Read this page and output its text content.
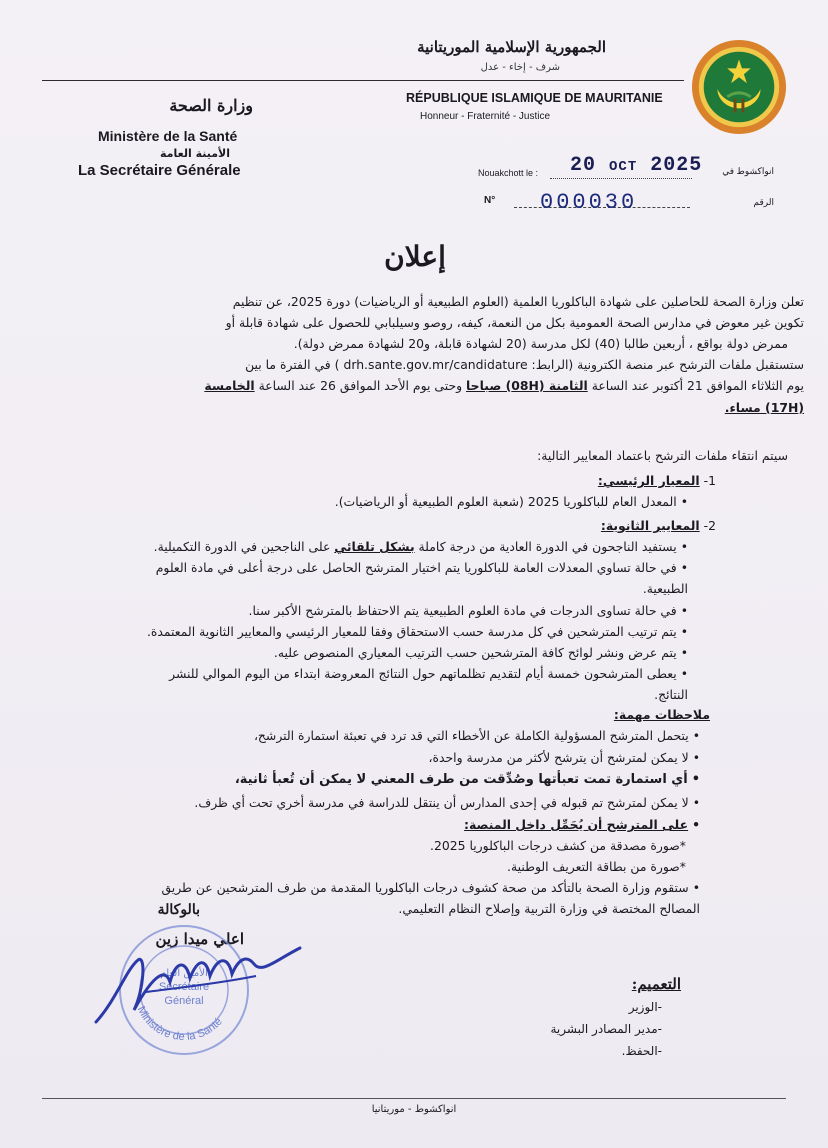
الجمهورية الإسلامية الموريتانية
شرف - إخاء - عدل
RÉPUBLIQUE ISLAMIQUE DE MAURITANIE
Honneur - Fraternité - Justice
وزارة الصحة
Ministère de la Santé
الأمينة العامة
La Secrétaire Générale	Nouakchott le :	انواكشوط في
20 OCT 2025
N°	الرقم
000030
إعلان
تعلن وزارة الصحة للحاصلين على شهادة الباكلوريا العلمية (العلوم الطبيعية أو الرياضيات) دورة 2025، عن تنظيم
تكوين غير معوض في مدارس الصحة العمومية بكل من النعمة، كيفه، روصو وسيلبابي للحصول على شهادة قابلة أو
ممرض دولة بواقع ، أربعين طالبا (40) لكل مدرسة (20 لشهادة قابلة، و20 لشهادة ممرض دولة).
ستستقبل ملفات الترشح عبر منصة الكترونية (الرابط: drh.sante.gov.mr/candidature ) في الفترة ما بين
يوم الثلاثاء الموافق 21 أكتوبر عند الساعة الثامنة (08H) صباحا وحتى يوم الأحد الموافق 26 عند الساعة الخامسة
(17H) مساء.
سيتم انتقاء ملفات الترشح باعتماد المعايير التالية:
1- المعيار الرئيسي:
•المعدل العام للباكلوريا 2025 (شعبة العلوم الطبيعية أو الرياضيات).
2- المعايير الثانوية:
•يستفيد الناجحون في الدورة العادية من درجة كاملة بشكل تلقائي على الناجحين في الدورة التكميلية.
•في حالة تساوي المعدلات العامة للباكلوريا يتم اختيار المترشح الحاصل على درجة أعلى في مادة العلوم
الطبيعية.
•في حالة تساوى الدرجات في مادة العلوم الطبيعية يتم الاحتفاظ بالمترشح الأكبر سنا.
•يتم ترتيب المترشحين في كل مدرسة حسب الاستحقاق وفقا للمعيار الرئيسي والمعايير الثانوية المعتمدة.
•يتم عرض ونشر لوائح كافة المترشحين حسب الترتيب المعياري المنصوص عليه.
•يعطى المترشحون خمسة أيام لتقديم تظلماتهم حول النتائج المعروضة ابتداء من اليوم الموالي للنشر
النتائج.
ملاحظات مهمة:
•يتحمل المترشح المسؤولية الكاملة عن الأخطاء التي قد ترد في تعبئة استمارة الترشح،
•لا يمكن لمترشح أن يترشح لأكثر من مدرسة واحدة،
•أي استمارة تمت تعبأتها وصُدِّقت من طرف المعني لا يمكن أن تُعبأ ثانية،
•لا يمكن لمترشح تم قبوله في إحدى المدارس أن ينتقل للدراسة في مدرسة أخري تحت أي ظرف.
•على المترشح أن يُحَمِّل داخل المنصة:
*صورة مصدقة من كشف درجات الباكلوريا 2025.
*صورة من بطاقة التعريف الوطنية.
•ستقوم وزارة الصحة بالتأكد من صحة كشوف درجات الباكلوريا المقدمة من طرف المترشحين عن طريق
المصالح المختصة في وزارة التربية وإصلاح النظام التعليمي.
بالوكالة
اعلي ميدا زين
الأمين العام
Secrétaire
Général
Ministère de la Santé
التعميم:
-الوزير
-مدير المصادر البشرية
-الحفظ.
انواكشوط - موريتانيا
